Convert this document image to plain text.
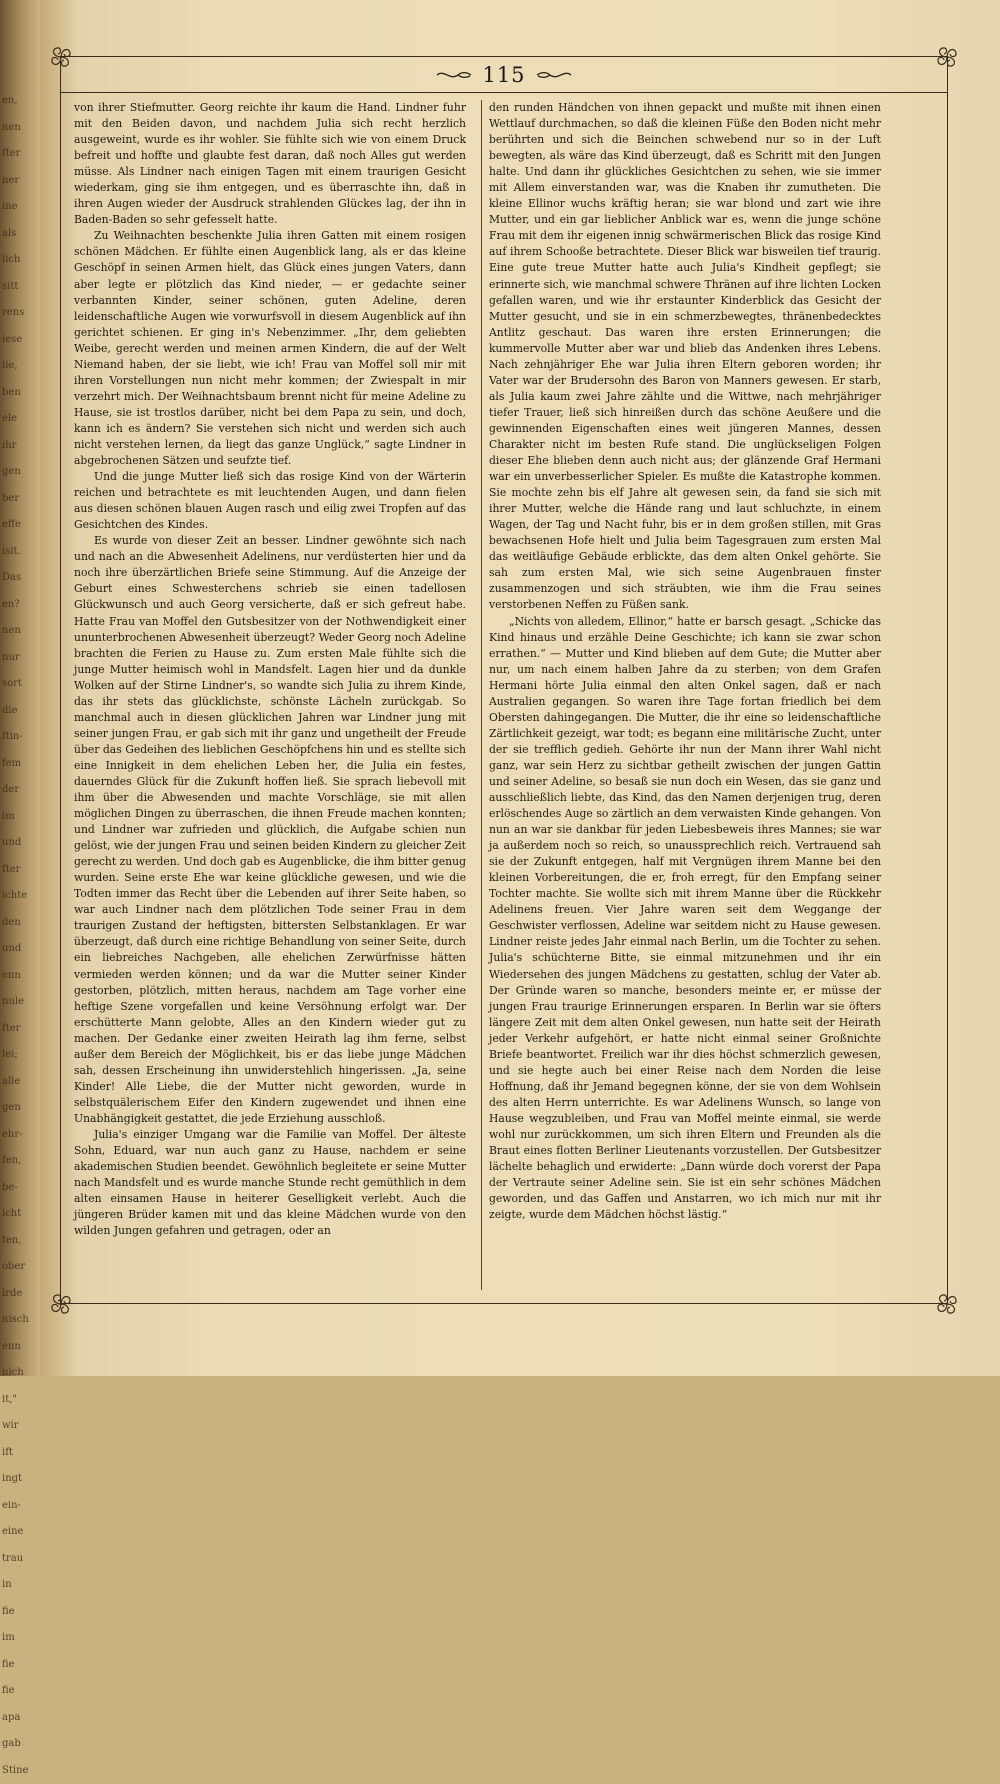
en,
nen
fter
ner
ine
als
lich
sitt
rens
iese
iie,
ben
ele
ihr
gen
ber
effe
islt.
Das
en?
nen
nur
sort
die
ftin-
fem
der
im
und
fter
ichte
den
und
enn
nule
fter
lei;
alle
gen
ehr-
fen,
be-
icht
ten,
ober
irde
nisch
enn
nich
it,"
wir
ift
ingt
ein-
eine
trau
in
fie
im
fie
fie
apa
gab
Stine
115

von ihrer Stiefmutter. Georg reichte ihr kaum die Hand. Lindner fuhr mit den Beiden davon, und nachdem Julia sich recht herzlich ausgeweint, wurde es ihr wohler. Sie fühlte sich wie von einem Druck befreit und hoffte und glaubte fest daran, daß noch Alles gut werden müsse. Als Lindner nach einigen Tagen mit einem traurigen Gesicht wiederkam, ging sie ihm entgegen, und es überraschte ihn, daß in ihren Augen wieder der Ausdruck strahlenden Glückes lag, der ihn in Baden-Baden so sehr gefesselt hatte.

Zu Weihnachten beschenkte Julia ihren Gatten mit einem rosigen schönen Mädchen. Er fühlte einen Augenblick lang, als er das kleine Geschöpf in seinen Armen hielt, das Glück eines jungen Vaters, dann aber legte er plötzlich das Kind nieder, — er gedachte seiner verbannten Kinder, seiner schönen, guten Adeline, deren leidenschaftliche Augen wie vorwurfsvoll in diesem Augenblick auf ihn gerichtet schienen. Er ging in's Nebenzimmer. „Ihr, dem geliebten Weibe, gerecht werden und meinen armen Kindern, die auf der Welt Niemand haben, der sie liebt, wie ich! Frau van Moffel soll mir mit ihren Vorstellungen nun nicht mehr kommen; der Zwiespalt in mir verzehrt mich. Der Weihnachtsbaum brennt nicht für meine Adeline zu Hause, sie ist trostlos darüber, nicht bei dem Papa zu sein, und doch, kann ich es ändern? Sie verstehen sich nicht und werden sich auch nicht verstehen lernen, da liegt das ganze Unglück,“ sagte Lindner in abgebrochenen Sätzen und seufzte tief.

Und die junge Mutter ließ sich das rosige Kind von der Wärterin reichen und betrachtete es mit leuchtenden Augen, und dann fielen aus diesen schönen blauen Augen rasch und eilig zwei Tropfen auf das Gesichtchen des Kindes.

Es wurde von dieser Zeit an besser. Lindner gewöhnte sich nach und nach an die Abwesenheit Adelinens, nur verdüsterten hier und da noch ihre überzärtlichen Briefe seine Stimmung. Auf die Anzeige der Geburt eines Schwesterchens schrieb sie einen tadellosen Glückwunsch und auch Georg versicherte, daß er sich gefreut habe. Hatte Frau van Moffel den Gutsbesitzer von der Nothwendigkeit einer ununterbrochenen Abwesenheit überzeugt? Weder Georg noch Adeline brachten die Ferien zu Hause zu. Zum ersten Male fühlte sich die junge Mutter heimisch wohl in Mandsfelt. Lagen hier und da dunkle Wolken auf der Stirne Lindner's, so wandte sich Julia zu ihrem Kinde, das ihr stets das glücklichste, schönste Lächeln zurückgab. So manchmal auch in diesen glücklichen Jahren war Lindner jung mit seiner jungen Frau, er gab sich mit ihr ganz und ungetheilt der Freude über das Gedeihen des lieblichen Geschöpfchens hin und es stellte sich eine Innigkeit in dem ehelichen Leben her, die Julia ein festes, dauerndes Glück für die Zukunft hoffen ließ. Sie sprach liebevoll mit ihm über die Abwesenden und machte Vorschläge, sie mit allen möglichen Dingen zu überraschen, die ihnen Freude machen konnten; und Lindner war zufrieden und glücklich, die Aufgabe schien nun gelöst, wie der jungen Frau und seinen beiden Kindern zu gleicher Zeit gerecht zu werden. Und doch gab es Augenblicke, die ihm bitter genug wurden. Seine erste Ehe war keine glückliche gewesen, und wie die Todten immer das Recht über die Lebenden auf ihrer Seite haben, so war auch Lindner nach dem plötzlichen Tode seiner Frau in dem traurigen Zustand der heftigsten, bittersten Selbstanklagen. Er war überzeugt, daß durch eine richtige Behandlung von seiner Seite, durch ein liebreiches Nachgeben, alle ehelichen Zerwürfnisse hätten vermieden werden können; und da war die Mutter seiner Kinder gestorben, plötzlich, mitten heraus, nachdem am Tage vorher eine heftige Szene vorgefallen und keine Versöhnung erfolgt war. Der erschütterte Mann gelobte, Alles an den Kindern wieder gut zu machen. Der Gedanke einer zweiten Heirath lag ihm ferne, selbst außer dem Bereich der Möglichkeit, bis er das liebe junge Mädchen sah, dessen Erscheinung ihn unwiderstehlich hingerissen. „Ja, seine Kinder! Alle Liebe, die der Mutter nicht geworden, wurde in selbstquälerischem Eifer den Kindern zugewendet und ihnen eine Unabhängigkeit gestattet, die jede Erziehung ausschloß.

Julia's einziger Umgang war die Familie van Moffel. Der älteste Sohn, Eduard, war nun auch ganz zu Hause, nachdem er seine akademischen Studien beendet. Gewöhnlich begleitete er seine Mutter nach Mandsfelt und es wurde manche Stunde recht gemüthlich in dem alten einsamen Hause in heiterer Geselligkeit verlebt. Auch die jüngeren Brüder kamen mit und das kleine Mädchen wurde von den wilden Jungen gefahren und getragen, oder an

den runden Händchen von ihnen gepackt und mußte mit ihnen einen Wettlauf durchmachen, so daß die kleinen Füße den Boden nicht mehr berührten und sich die Beinchen schwebend nur so in der Luft bewegten, als wäre das Kind überzeugt, daß es Schritt mit den Jungen halte. Und dann ihr glückliches Gesichtchen zu sehen, wie sie immer mit Allem einverstanden war, was die Knaben ihr zumutheten. Die kleine Ellinor wuchs kräftig heran; sie war blond und zart wie ihre Mutter, und ein gar lieblicher Anblick war es, wenn die junge schöne Frau mit dem ihr eigenen innig schwärmerischen Blick das rosige Kind auf ihrem Schooße betrachtete. Dieser Blick war bisweilen tief traurig. Eine gute treue Mutter hatte auch Julia's Kindheit gepflegt; sie erinnerte sich, wie manchmal schwere Thränen auf ihre lichten Locken gefallen waren, und wie ihr erstaunter Kinderblick das Gesicht der Mutter gesucht, und sie in ein schmerzbewegtes, thränenbedecktes Antlitz geschaut. Das waren ihre ersten Erinnerungen; die kummervolle Mutter aber war und blieb das Andenken ihres Lebens. Nach zehnjähriger Ehe war Julia ihren Eltern geboren worden; ihr Vater war der Brudersohn des Baron von Manners gewesen. Er starb, als Julia kaum zwei Jahre zählte und die Wittwe, nach mehrjähriger tiefer Trauer, ließ sich hinreißen durch das schöne Aeußere und die gewinnenden Eigenschaften eines weit jüngeren Mannes, dessen Charakter nicht im besten Rufe stand. Die unglückseligen Folgen dieser Ehe blieben denn auch nicht aus; der glänzende Graf Hermani war ein unverbesserlicher Spieler. Es mußte die Katastrophe kommen. Sie mochte zehn bis elf Jahre alt gewesen sein, da fand sie sich mit ihrer Mutter, welche die Hände rang und laut schluchzte, in einem Wagen, der Tag und Nacht fuhr, bis er in dem großen stillen, mit Gras bewachsenen Hofe hielt und Julia beim Tagesgrauen zum ersten Mal das weitläufige Gebäude erblickte, das dem alten Onkel gehörte. Sie sah zum ersten Mal, wie sich seine Augenbrauen finster zusammenzogen und sich sträubten, wie ihm die Frau seines verstorbenen Neffen zu Füßen sank.

„Nichts von alledem, Ellinor,“ hatte er barsch gesagt. „Schicke das Kind hinaus und erzähle Deine Geschichte; ich kann sie zwar schon errathen.“ — Mutter und Kind blieben auf dem Gute; die Mutter aber nur, um nach einem halben Jahre da zu sterben; von dem Grafen Hermani hörte Julia einmal den alten Onkel sagen, daß er nach Australien gegangen. So waren ihre Tage fortan friedlich bei dem Obersten dahingegangen. Die Mutter, die ihr eine so leidenschaftliche Zärtlichkeit gezeigt, war todt; es begann eine militärische Zucht, unter der sie trefflich gedieh. Gehörte ihr nun der Mann ihrer Wahl nicht ganz, war sein Herz zu sichtbar getheilt zwischen der jungen Gattin und seiner Adeline, so besaß sie nun doch ein Wesen, das sie ganz und ausschließlich liebte, das Kind, das den Namen derjenigen trug, deren erlöschendes Auge so zärtlich an dem verwaisten Kinde gehangen. Von nun an war sie dankbar für jeden Liebesbeweis ihres Mannes; sie war ja außerdem noch so reich, so unaussprechlich reich. Vertrauend sah sie der Zukunft entgegen, half mit Vergnügen ihrem Manne bei den kleinen Vorbereitungen, die er, froh erregt, für den Empfang seiner Tochter machte. Sie wollte sich mit ihrem Manne über die Rückkehr Adelinens freuen. Vier Jahre waren seit dem Weggange der Geschwister verflossen, Adeline war seitdem nicht zu Hause gewesen. Lindner reiste jedes Jahr einmal nach Berlin, um die Tochter zu sehen. Julia's schüchterne Bitte, sie einmal mitzunehmen und ihr ein Wiedersehen des jungen Mädchens zu gestatten, schlug der Vater ab. Der Gründe waren so manche, besonders meinte er, er müsse der jungen Frau traurige Erinnerungen ersparen. In Berlin war sie öfters längere Zeit mit dem alten Onkel gewesen, nun hatte seit der Heirath jeder Verkehr aufgehört, er hatte nicht einmal seiner Großnichte Briefe beantwortet. Freilich war ihr dies höchst schmerzlich gewesen, und sie hegte auch bei einer Reise nach dem Norden die leise Hoffnung, daß ihr Jemand begegnen könne, der sie von dem Wohlsein des alten Herrn unterrichte. Es war Adelinens Wunsch, so lange von Hause wegzubleiben, und Frau van Moffel meinte einmal, sie werde wohl nur zurückkommen, um sich ihren Eltern und Freunden als die Braut eines flotten Berliner Lieutenants vorzustellen. Der Gutsbesitzer lächelte behaglich und erwiderte: „Dann würde doch vorerst der Papa der Vertraute seiner Adeline sein. Sie ist ein sehr schönes Mädchen geworden, und das Gaffen und Anstarren, wo ich mich nur mit ihr zeigte, wurde dem Mädchen höchst lästig.“
